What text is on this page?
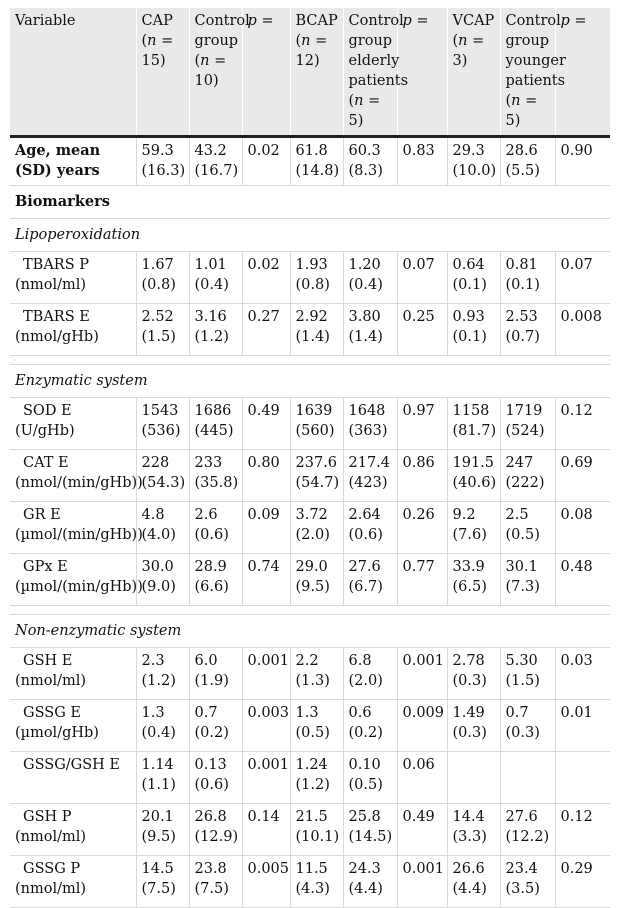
Variable	CAP (n = 15)	Control group (n = 10)	p =	BCAP (n = 12)	Control group elderly patients (n = 5)	p =	VCAP (n = 3)	Control group younger patients (n = 5)	p =
Age, mean (SD) years	59.3 (16.3)	43.2 (16.7)	0.02	61.8 (14.8)	60.3 (8.3)	0.83	29.3 (10.0)	28.6 (5.5)	0.90
Biomarkers									
Lipoperoxidation									
TBARS P
(nmol/ml)	1.67 (0.8)	1.01 (0.4)	0.02	1.93 (0.8)	1.20 (0.4)	0.07	0.64 (0.1)	0.81 (0.1)	0.07
TBARS E
(nmol/gHb)	2.52 (1.5)	3.16 (1.2)	0.27	2.92 (1.4)	3.80 (1.4)	0.25	0.93 (0.1)	2.53 (0.7)	0.008

Enzymatic system									
SOD E
(U/gHb)	1543 (536)	1686 (445)	0.49	1639 (560)	1648 (363)	0.97	1158 (81.7)	1719 (524)	0.12
CAT E
(nmol/(min/gHb))	228 (54.3)	233 (35.8)	0.80	237.6 (54.7)	217.4 (423)	0.86	191.5 (40.6)	247 (222)	0.69
GR E
(µmol/(min/gHb))	4.8 (4.0)	2.6 (0.6)	0.09	3.72 (2.0)	2.64 (0.6)	0.26	9.2 (7.6)	2.5 (0.5)	0.08
GPx E
(µmol/(min/gHb))	30.0 (9.0)	28.9 (6.6)	0.74	29.0 (9.5)	27.6 (6.7)	0.77	33.9 (6.5)	30.1 (7.3)	0.48

Non-enzymatic system									
GSH E
(nmol/ml)	2.3 (1.2)	6.0 (1.9)	0.001	2.2 (1.3)	6.8 (2.0)	0.001	2.78 (0.3)	5.30 (1.5)	0.03
GSSG E
(µmol/gHb)	1.3 (0.4)	0.7 (0.2)	0.003	1.3 (0.5)	0.6 (0.2)	0.009	1.49 (0.3)	0.7 (0.3)	0.01
GSSG/GSH E	1.14 (1.1)	0.13 (0.6)	0.001	1.24 (1.2)	0.10 (0.5)	0.06			
GSH P
(nmol/ml)	20.1 (9.5)	26.8 (12.9)	0.14	21.5 (10.1)	25.8 (14.5)	0.49	14.4 (3.3)	27.6 (12.2)	0.12
GSSG P
(nmol/ml)	14.5 (7.5)	23.8 (7.5)	0.005	11.5 (4.3)	24.3 (4.4)	0.001	26.6 (4.4)	23.4 (3.5)	0.29
